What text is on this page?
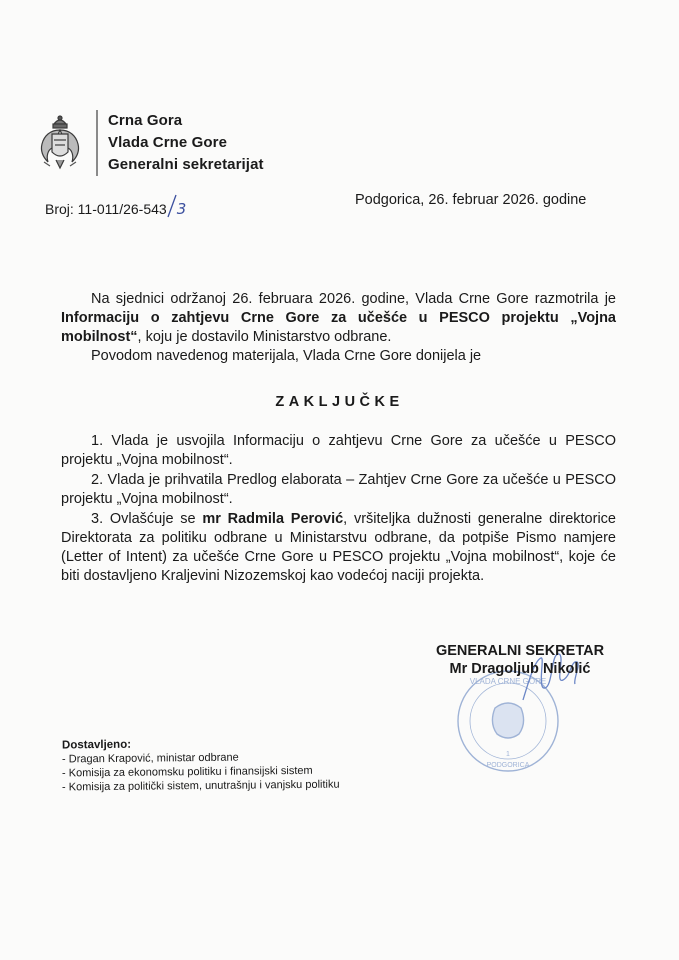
Crna Gora
Vlada Crne Gore
Generalni sekretarijat
Broj: 11-011/26-543 3	Podgorica, 26. februar 2026. godine
Na sjednici održanoj 26. februara 2026. godine, Vlada Crne Gore razmotrila je Informaciju o zahtjevu Crne Gore za učešće u PESCO projektu „Vojna mobilnost“, koju je dostavilo Ministarstvo odbrane.
Povodom navedenog materijala, Vlada Crne Gore donijela je
ZAKLJUČKE
1. Vlada je usvojila Informaciju o zahtjevu Crne Gore za učešće u PESCO projektu „Vojna mobilnost“.
2. Vlada je prihvatila Predlog elaborata – Zahtjev Crne Gore za učešće u PESCO projektu „Vojna mobilnost“.
3. Ovlašćuje se mr Radmila Perović, vršiteljka dužnosti generalne direktorice Direktorata za politiku odbrane u Ministarstvu odbrane, da potpiše Pismo namjere (Letter of Intent) za učešće Crne Gore u PESCO projektu „Vojna mobilnost“, koje će biti dostavljeno Kraljevini Nizozemskoj kao vodećoj naciji projekta.
VLADA CRNE GORE
1
PODGORICA
GENERALNI SEKRETAR
Mr Dragoljub Nikolić
Dostavljeno:
- Dragan Krapović, ministar odbrane
- Komisija za ekonomsku politiku i finansijski sistem
- Komisija za politički sistem, unutrašnju i vanjsku politiku
